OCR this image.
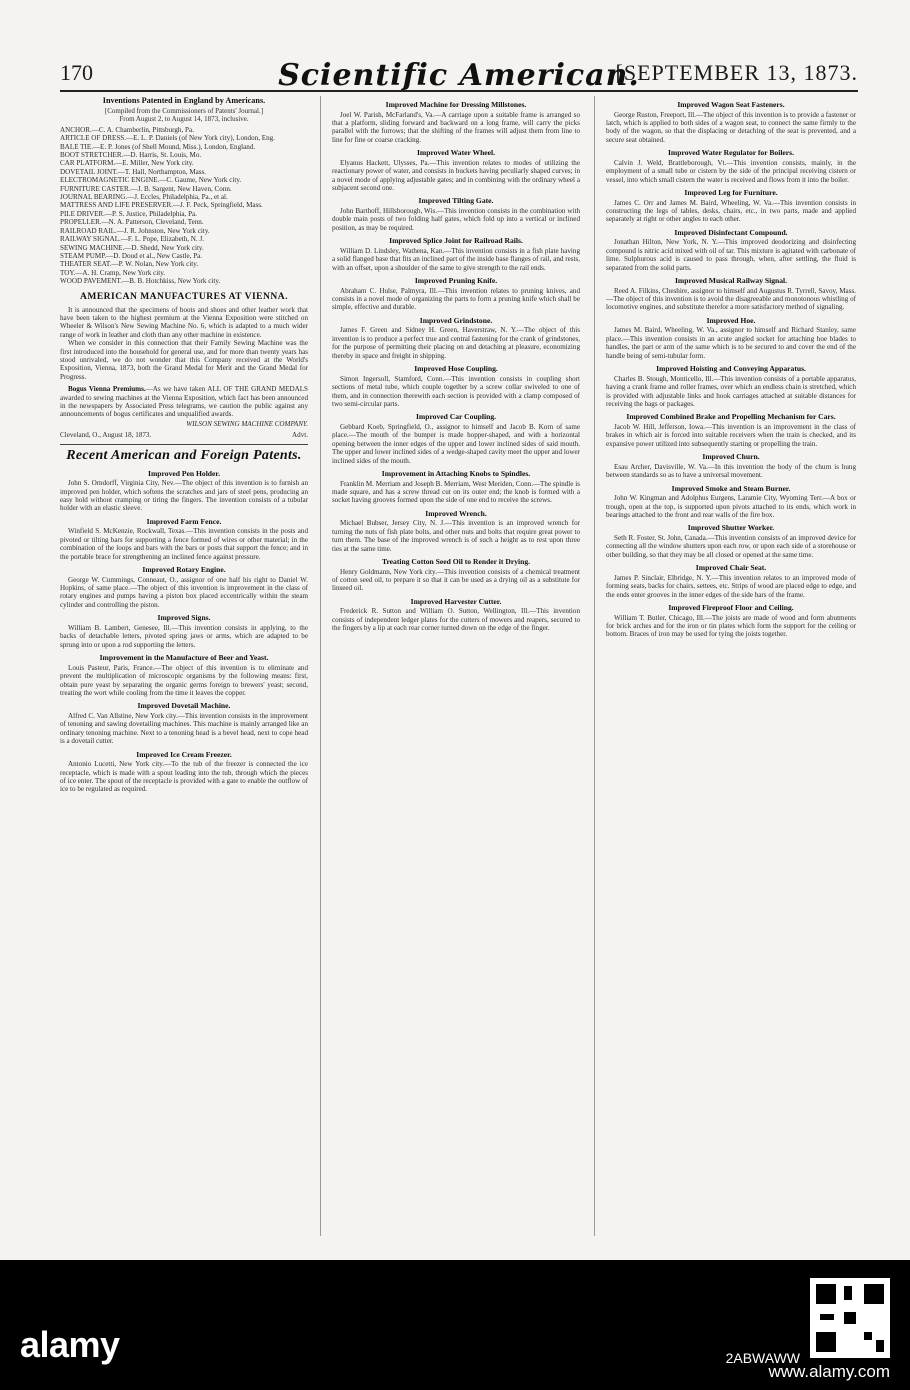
170	Scientific American.
[SEPTEMBER 13, 1873.
Inventions Patented in England by Americans.
[Compiled from the Commissioners of Patents' Journal.]
From August 2, to August 14, 1873, inclusive.

ANCHOR.—C. A. Chamberlin, Pittsburgh, Pa.

ARTICLE OF DRESS.—E. L. P. Daniels (of New York city), London, Eng.

BALE TIE.—E. P. Jones (of Shell Mound, Miss.), London, England.

BOOT STRETCHER.—D. Harris, St. Louis, Mo.

CAR PLATFORM.—E. Miller, New York city.

DOVETAIL JOINT.—T. Hall, Northampton, Mass.

ELECTROMAGNETIC ENGINE.—C. Gaume, New York city.

FURNITURE CASTER.—J. B. Sargent, New Haven, Conn.

JOURNAL BEARING.—J. Eccles, Philadelphia, Pa., et al.

MATTRESS AND LIFE PRESERVER.—J. F. Peck, Springfield, Mass.

PILE DRIVER.—P. S. Justice, Philadelphia, Pa.

PROPELLER.—N. A. Patterson, Cleveland, Tenn.

RAILROAD RAIL.—J. R. Johnston, New York city.

RAILWAY SIGNAL.—F. L. Pope, Elizabeth, N. J.

SEWING MACHINE.—D. Shedd, New York city.

STEAM PUMP.—D. Doud et al., New Castle, Pa.

THEATER SEAT.—P. W. Nolan, New York city.

TOY.—A. H. Cramp, New York city.

WOOD PAVEMENT.—B. B. Hotchkiss, New York city.

AMERICAN MANUFACTURES AT VIENNA.

It is announced that the specimens of boots and shoes and other leather work that have been taken to the highest premium at the Vienna Exposition were stitched on Wheeler & Wilson's New Sewing Machine No. 6, which is adapted to a much wider range of work in leather and cloth than any other machine in existence.

When we consider in this connection that their Family Sewing Machine was the first introduced into the household for general use, and for more than twenty years has stood unrivaled, we do not wonder that this Company received at the World's Exposition, Vienna, 1873, both the Grand Medal for Merit and the Grand Medal for Progress.

Bogus Vienna Premiums.—As we have taken ALL OF THE GRAND MEDALS awarded to sewing machines at the Vienna Exposition, which fact has been announced in the newspapers by Associated Press telegrams, we caution the public against any announcements of bogus certificates and unqualified awards.

WILSON SEWING MACHINE COMPANY.

Cleveland, O., August 18, 1873.	Advt.
Recent American and Foreign Patents.
Improved Pen Holder.

John S. Orndorff, Virginia City, Nev.—The object of this invention is to furnish an improved pen holder, which softens the scratches and jars of steel pens, producing an easy hold without cramping or tiring the fingers. The invention consists of a tubular holder with an elastic sleeve.

Improved Farm Fence.

Winfield S. McKenzie, Rockwall, Texas.—This invention consists in the posts and pivoted or tilting bars for supporting a fence formed of wires or other material; in the combination of the loops and bars with the bars or posts that support the fence; and in the portable brace for strengthening an inclined fence against pressure.

Improved Rotary Engine.

George W. Cummings, Conneaut, O., assignor of one half his right to Daniel W. Hopkins, of same place.—The object of this invention is improvement in the class of rotary engines and pumps having a piston box placed eccentrically within the steam cylinder and controlling the piston.

Improved Signs.

William B. Lambert, Genesee, Ill.—This invention consists in applying, to the backs of detachable letters, pivoted spring jaws or arms, which are adapted to be sprung into or upon a rod supporting the letters.

Improvement in the Manufacture of Beer and Yeast.

Louis Pasteur, Paris, France.—The object of this invention is to eliminate and prevent the multiplication of microscopic organisms by the following means: first, obtain pure yeast by separating the organic germs foreign to brewers' yeast; second, treating the wort while cooling from the time it leaves the copper.

Improved Dovetail Machine.

Alfred C. Van Allstine, New York city.—This invention consists in the improvement of tenoning and sawing dovetailing machines. This machine is mainly arranged like an ordinary tenoning machine. Next to a tenoning head is a bevel head, next to cope head is a dovetail cutter.

Improved Ice Cream Freezer.

Antonio Lucetti, New York city.—To the tub of the freezer is connected the ice receptacle, which is made with a spout leading into the tub, through which the pieces of ice enter. The spout of the receptacle is provided with a gate to enable the outflow of ice to be regulated as required.

Improved Machine for Dressing Millstones.

Joel W. Parish, McFarland's, Va.—A carriage upon a suitable frame is arranged so that a platform, sliding forward and backward on a long frame, will carry the picks parallel with the furrows; that the shifting of the frames will adjust them from line to line for fine or coarse cracking.

Improved Water Wheel.

Elyanus Hackett, Ulysses, Pa.—This invention relates to modes of utilizing the reactionary power of water, and consists in buckets having peculiarly shaped curves; in a novel mode of applying adjustable gates; and in combining with the ordinary wheel a subjacent second one.

Improved Tilting Gate.

John Barthoff, Hillsborough, Wis.—This invention consists in the combination with double main posts of two folding half gates, which fold up into a vertical or inclined position, as may be required.

Improved Splice Joint for Railroad Rails.

William D. Lindsley, Wathena, Kan.—This invention consists in a fish plate having a solid flanged base that fits an inclined part of the inside base flanges of rail, and rests, with an offset, upon a shoulder of the same to give strength to the rail ends.

Improved Pruning Knife.

Abraham C. Hulse, Palmyra, Ill.—This invention relates to pruning knives, and consists in a novel mode of organizing the parts to form a pruning knife which shall be simple, effective and durable.

Improved Grindstone.

James F. Green and Sidney H. Green, Haverstraw, N. Y.—The object of this invention is to produce a perfect true and central fastening for the crank of grindstones, for the purpose of permitting their placing on and detaching at pleasure, economizing thereby in space and freight in shipping.

Improved Hose Coupling.

Simon Ingersoll, Stamford, Conn.—This invention consists in coupling short sections of metal tube, which couple together by a screw collar swiveled to one of them, and in connection therewith each section is provided with a clamp composed of two semi-circular parts.

Improved Car Coupling.

Gebbard Koeb, Springfield, O., assignor to himself and Jacob B. Korn of same place.—The mouth of the bumper is made hopper-shaped, and with a horizontal opening between the inner edges of the upper and lower inclined sides of said mouth. The upper and lower inclined sides of a wedge-shaped cavity meet the upper and lower inclined sides of the mouth.

Improvement in Attaching Knobs to Spindles.

Franklin M. Merriam and Joseph B. Merriam, West Meriden, Conn.—The spindle is made square, and has a screw thread cut on its outer end; the knob is formed with a socket having grooves formed upon the side of one end to receive the screws.

Improved Wrench.

Michael Bubser, Jersey City, N. J.—This invention is an improved wrench for turning the nuts of fish plate bolts, and other nuts and bolts that require great power to turn them. The base of the improved wrench is of such a height as to rest upon three ties at the same time.

Treating Cotton Seed Oil to Render it Drying.

Henry Goldmann, New York city.—This invention consists of a chemical treatment of cotton seed oil, to prepare it so that it can be used as a drying oil as a substitute for linseed oil.

Improved Harvester Cutter.

Frederick R. Sutton and William O. Sutton, Wellington, Ill.—This invention consists of independent ledger plates for the cutters of mowers and reapers, secured to the fingers by a lip at each rear corner turned down on the edge of the finger.

Improved Wagon Seat Fasteners.

George Ruston, Freeport, Ill.—The object of this invention is to provide a fastener or latch, which is applied to both sides of a wagon seat, to connect the same firmly to the body of the wagon, so that the displacing or detaching of the seat is prevented, and a secure seat obtained.

Improved Water Regulator for Boilers.

Calvin J. Weld, Brattleborough, Vt.—This invention consists, mainly, in the employment of a small tube or cistern by the side of the principal receiving cistern or vessel, into which small cistern the water is received and flows from it into the boiler.

Improved Leg for Furniture.

James C. Orr and James M. Baird, Wheeling, W. Va.—This invention consists in constructing the legs of tables, desks, chairs, etc., in two parts, made and applied separately at right or other angles to each other.

Improved Disinfectant Compound.

Jonathan Hilton, New York, N. Y.—This improved deodorizing and disinfecting compound is nitric acid mixed with oil of tar. This mixture is agitated with carbonate of lime. Sulphurous acid is caused to pass through, when, after settling, the fluid is separated from the solid parts.

Improved Musical Railway Signal.

Reed A. Filkins, Cheshire, assignor to himself and Augustus R. Tyrrell, Savoy, Mass.—The object of this invention is to avoid the disagreeable and monotonous whistling of locomotive engines, and substitute therefor a more satisfactory method of signaling.

Improved Hoe.

James M. Baird, Wheeling, W. Va., assignor to himself and Richard Stanley, same place.—This invention consists in an acute angled socket for attaching hoe blades to handles, the part or arm of the same which is to be secured to and cover the end of the handle being of semi-tubular form.

Improved Hoisting and Conveying Apparatus.

Charles B. Stough, Monticello, Ill.—This invention consists of a portable apparatus, having a crank frame and roller frames, over which an endless chain is stretched, which is provided with adjustable links and hook carriages attached at suitable distances for receiving the bags or packages.

Improved Combined Brake and Propelling Mechanism for Cars.

Jacob W. Hill, Jefferson, Iowa.—This invention is an improvement in the class of brakes in which air is forced into suitable receivers when the train is checked, and its expansive power utilized into subsequently starting or propelling the train.

Improved Churn.

Esau Archer, Davisville, W. Va.—In this invention the body of the churn is hung between standards so as to have a universal movement.

Improved Smoke and Steam Burner.

John W. Kingman and Adolphus Eurgens, Laramie City, Wyoming Terr.—A box or trough, open at the top, is supported upon pivots attached to its ends, which work in bearings attached to the front and rear walls of the fire box.

Improved Shutter Worker.

Seth R. Foster, St. John, Canada.—This invention consists of an improved device for connecting all the window shutters upon each row, or upon each side of a storehouse or other building, so that they may be all closed or opened at the same time.

Improved Chair Seat.

James P. Sinclair, Elbridge, N. Y.—This invention relates to an improved mode of forming seats, backs for chairs, settees, etc. Strips of wood are placed edge to edge, and the ends enter grooves in the inner edges of the side bars of the frame.

Improved Fireproof Floor and Ceiling.

William T. Butler, Chicago, Ill.—The joists are made of wood and form abutments for brick arches and for the iron or tin plates which form the support for the ceiling or bottom. Braces of iron may be used for tying the joists together.

alamy	2ABWAWW
www.alamy.com
